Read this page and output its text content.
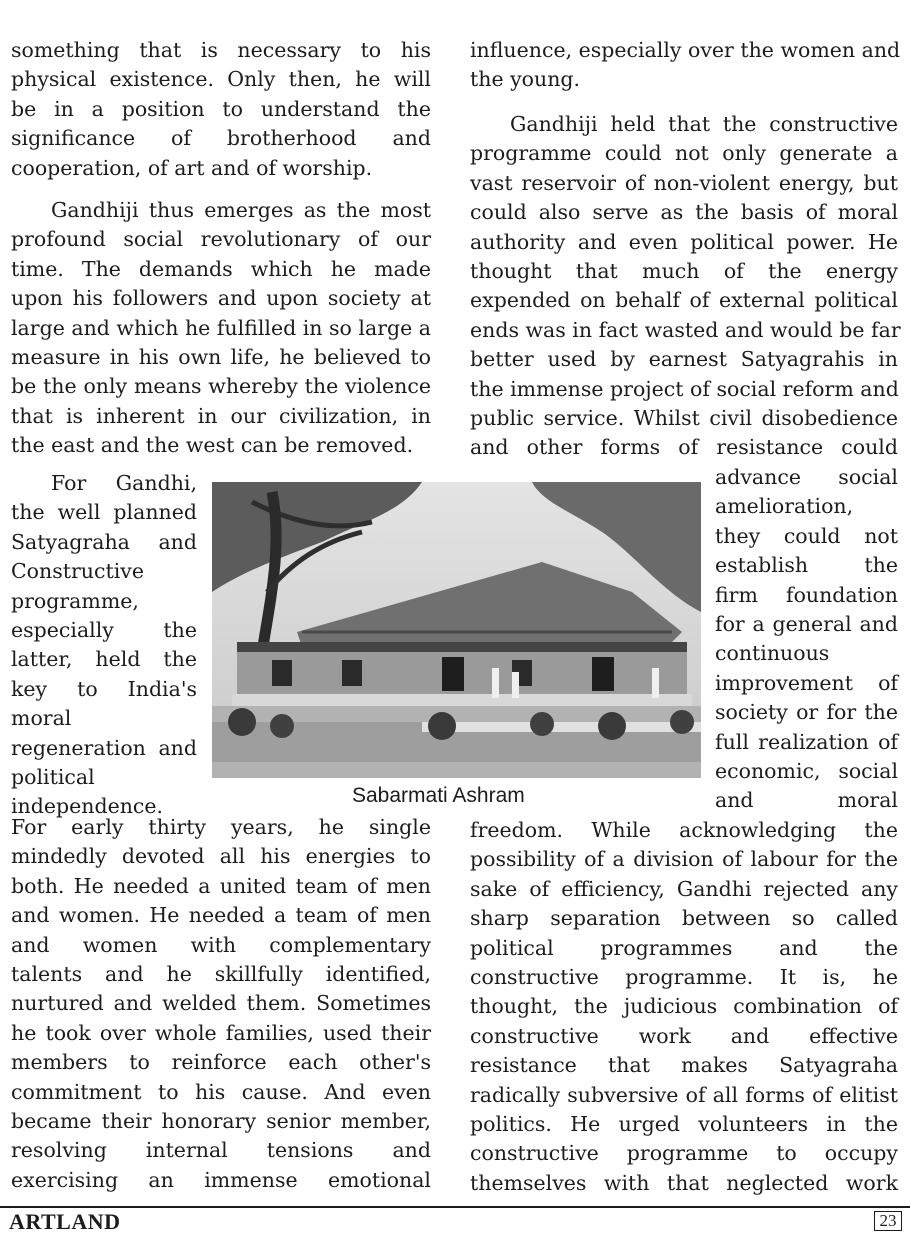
Sabarmati Ashram
ARTLAND	23

something that is necessary to his

physical existence. Only then, he will

be in a position to understand the

significance of brotherhood and

cooperation, of art and of worship.

Gandhiji thus emerges as the most

profound social revolutionary of our

time. The demands which he made

upon his followers and upon society at

large and which he fulfilled in so large a

measure in his own life, he believed to

be the only means whereby the violence

that is inherent in our civilization, in

the east and the west can be removed.

For Gandhi,

the well planned

Satyagraha and

Constructive

programme,

especially the

latter, held the

key to India's

moral

regeneration and

political

independence.

For early thirty years, he single

mindedly devoted all his energies to

both. He needed a united team of men

and women. He needed a team of men

and women with complementary

talents and he skillfully identified,

nurtured and welded them. Sometimes

he took over whole families, used their

members to reinforce each other's

commitment to his cause. And even

became their honorary senior member,

resolving internal tensions and

exercising an immense emotional

influence, especially over the women and

the young.

Gandhiji held that the constructive

programme could not only generate a

vast reservoir of non-violent energy, but

could also serve as the basis of moral

authority and even political power. He

thought that much of the energy

expended on behalf of external political

ends was in fact wasted and would be far

better used by earnest Satyagrahis in

the immense project of social reform and

public service. Whilst civil disobedience

and other forms of resistance could

advance social

amelioration,

they could not

establish the

firm foundation

for a general and

continuous

improvement of

society or for the

full realization of

economic, social

and moral

freedom. While acknowledging the

possibility of a division of labour for the

sake of efficiency, Gandhi rejected any

sharp separation between so called

political programmes and the

constructive programme. It is, he

thought, the judicious combination of

constructive work and effective

resistance that makes Satyagraha

radically subversive of all forms of elitist

politics. He urged volunteers in the

constructive programme to occupy

themselves with that neglected work
